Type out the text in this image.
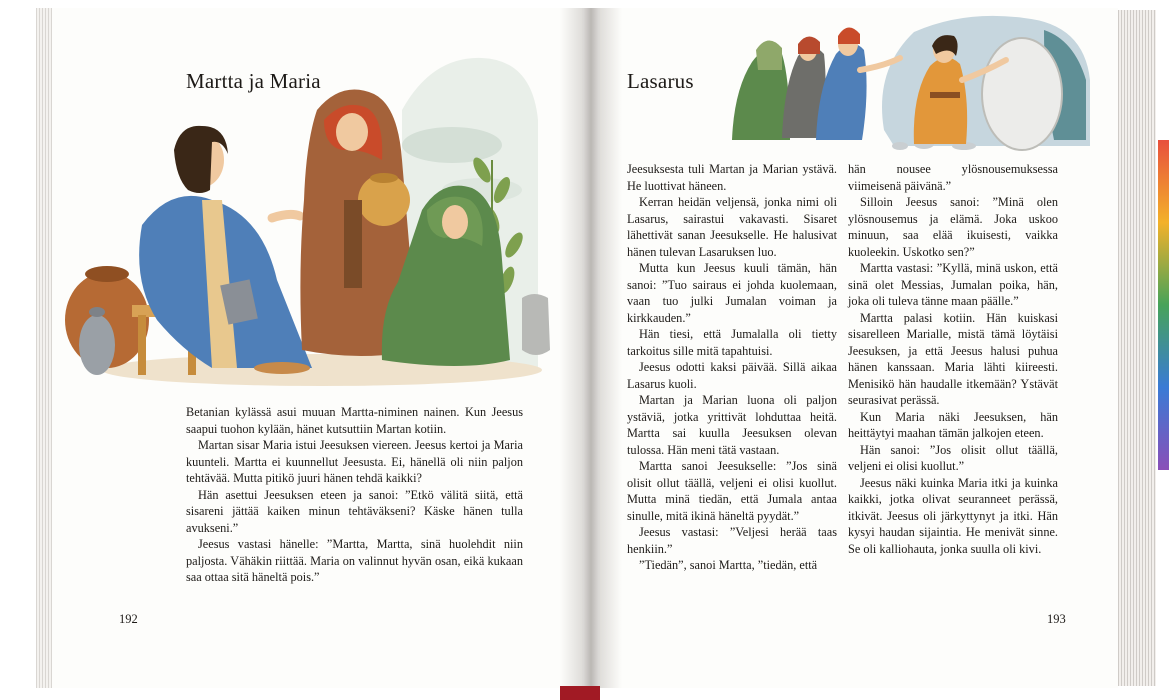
Martta ja Maria

Betanian kylässä asui muuan Martta-niminen nainen. Kun Jeesus saapui tuohon kylään, hänet kutsuttiin Martan kotiin.

Martan sisar Maria istui Jeesuksen viereen. Jeesus kertoi ja Maria kuunteli. Martta ei kuunnellut Jeesusta. Ei, hänellä oli niin paljon tehtävää. Mutta pitikö juuri hänen tehdä kaikki?

Hän asettui Jeesuksen eteen ja sanoi: ”Etkö välitä siitä, että sisareni jättää kaiken minun tehtäväkseni? Käske hänen tulla avukseni.”

Jeesus vastasi hänelle: ”Martta, Martta, sinä huolehdit niin paljosta. Vähäkin riittää. Maria on valinnut hyvän osan, eikä kukaan saa ottaa sitä häneltä pois.”

192
Lasarus

Jeesuksesta tuli Martan ja Marian ystävä. He luottivat häneen.

Kerran heidän veljensä, jonka nimi oli Lasarus, sairastui vakavasti. Sisaret lähettivät sanan Jeesukselle. He halusivat hänen tulevan Lasaruksen luo.

Mutta kun Jeesus kuuli tämän, hän sanoi: ”Tuo sairaus ei johda kuolemaan, vaan tuo julki Jumalan voiman ja kirkkauden.”

Hän tiesi, että Jumalalla oli tietty tarkoitus sille mitä tapahtuisi.

Jeesus odotti kaksi päivää. Sillä aikaa Lasarus kuoli.

Martan ja Marian luona oli paljon ystäviä, jotka yrittivät lohduttaa heitä. Martta sai kuulla Jeesuksen olevan tulossa. Hän meni tätä vastaan.

Martta sanoi Jeesukselle: ”Jos sinä olisit ollut täällä, veljeni ei olisi kuollut. Mutta minä tiedän, että Jumala antaa sinulle, mitä ikinä häneltä pyydät.”

Jeesus vastasi: ”Veljesi herää taas henkiin.”

”Tiedän”, sanoi Martta, ”tiedän, että

hän nousee ylösnousemuksessa viimeisenä päivänä.”

Silloin Jeesus sanoi: ”Minä olen ylösnousemus ja elämä. Joka uskoo minuun, saa elää ikuisesti, vaikka kuoleekin. Uskotko sen?”

Martta vastasi: ”Kyllä, minä uskon, että sinä olet Messias, Jumalan poika, hän, joka oli tuleva tänne maan päälle.”

Martta palasi kotiin. Hän kuiskasi sisarelleen Marialle, mistä tämä löytäisi Jeesuksen, ja että Jeesus halusi puhua hänen kanssaan. Maria lähti kiireesti. Menisikö hän haudalle itkemään? Ystävät seurasivat perässä.

Kun Maria näki Jeesuksen, hän heittäytyi maahan tämän jalkojen eteen.

Hän sanoi: ”Jos olisit ollut täällä, veljeni ei olisi kuollut.”

Jeesus näki kuinka Maria itki ja kuinka kaikki, jotka olivat seuranneet perässä, itkivät. Jeesus oli järkyttynyt ja itki. Hän kysyi haudan sijaintia. He menivät sinne. Se oli kalliohauta, jonka suulla oli kivi.

193
